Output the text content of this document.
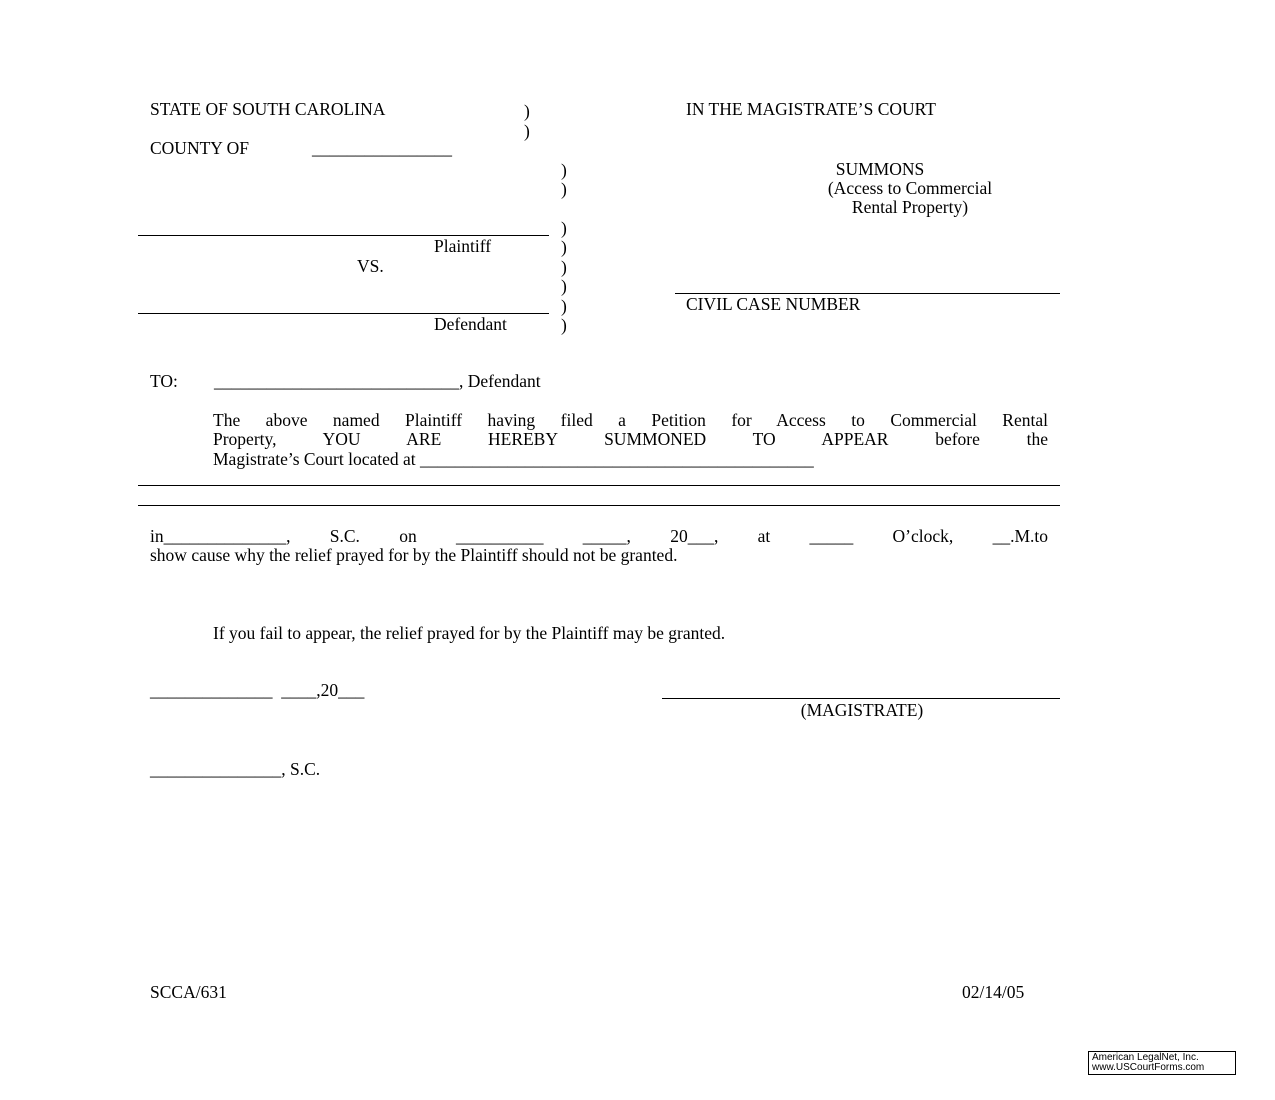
STATE OF SOUTH CAROLINA	)
)
COUNTY OF	________________
)
)
)
Plaintiff	)
VS.	)
)
)
Defendant	)
IN THE MAGISTRATE’S COURT
SUMMONS
(Access to Commercial
Rental Property)
CIVIL CASE NUMBER
TO: ____________________________, Defendant
The above named Plaintiff having filed a Petition for Access to Commercial Rental
Property, YOU ARE HEREBY SUMMONED TO APPEAR before the
Magistrate’s Court located at _____________________________________________
in______________, S.C. on __________ _____, 20___, at _____ O’clock, __.M.to
show cause why the relief prayed for by the Plaintiff should not be granted.
If you fail to appear, the relief prayed for by the Plaintiff may be granted.
______________  ____,20___
(MAGISTRATE)
_______________, S.C.
SCCA/631	02/14/05
American LegalNet, Inc.
www.USCourtForms.com
